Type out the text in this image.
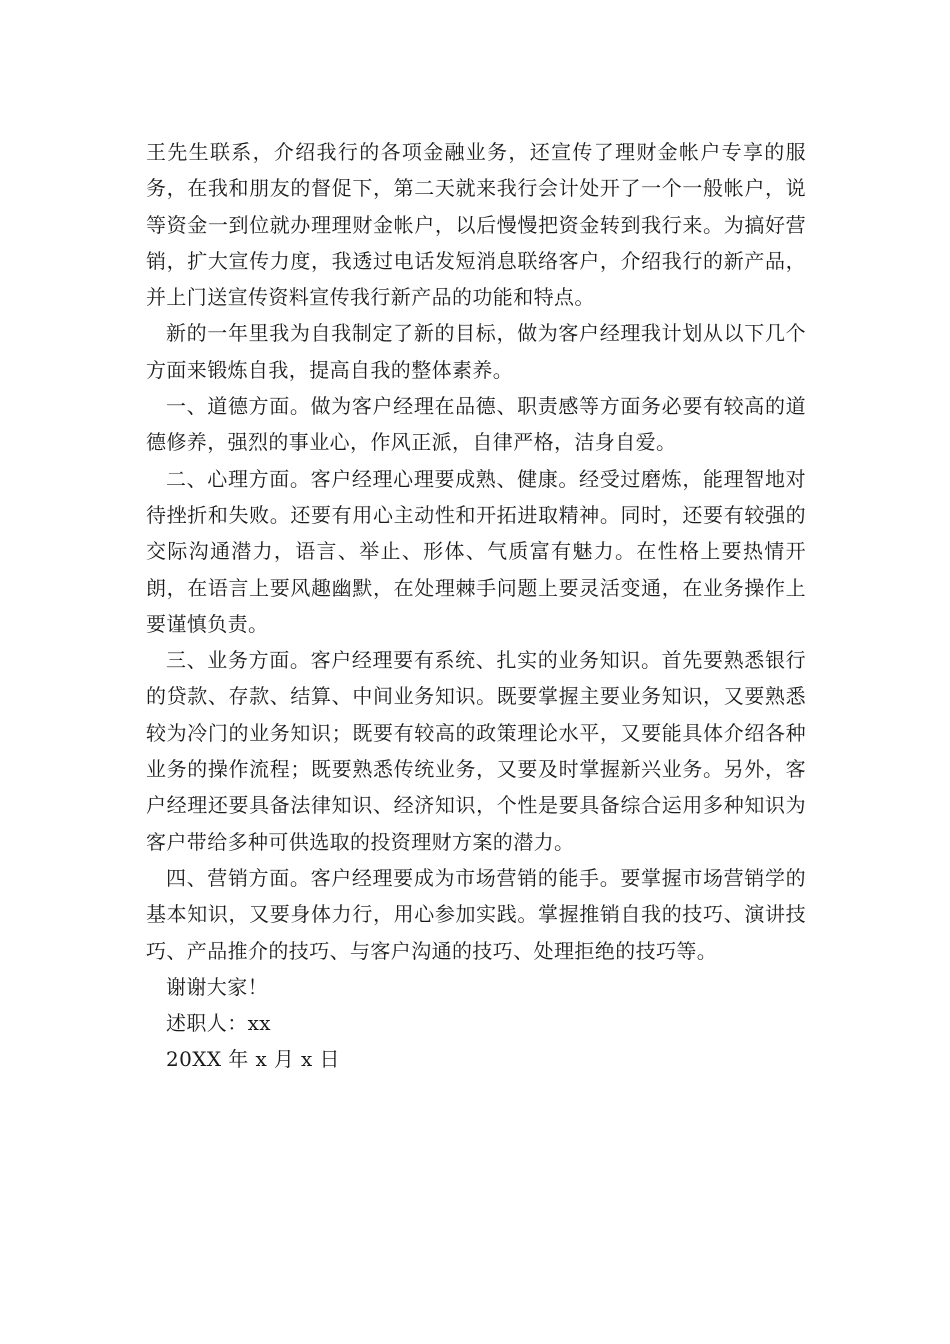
王先生联系，介绍我行的各项金融业务，还宣传了理财金帐户专享的服务，在我和朋友的督促下，第二天就来我行会计处开了一个一般帐户，说等资金一到位就办理理财金帐户，以后慢慢把资金转到我行来。为搞好营销，扩大宣传力度，我透过电话发短消息联络客户，介绍我行的新产品，并上门送宣传资料宣传我行新产品的功能和特点。

新的一年里我为自我制定了新的目标，做为客户经理我计划从以下几个方面来锻炼自我，提高自我的整体素养。

一、道德方面。做为客户经理在品德、职责感等方面务必要有较高的道德修养，强烈的事业心，作风正派，自律严格，洁身自爱。

二、心理方面。客户经理心理要成熟、健康。经受过磨炼，能理智地对待挫折和失败。还要有用心主动性和开拓进取精神。同时，还要有较强的交际沟通潜力，语言、举止、形体、气质富有魅力。在性格上要热情开朗，在语言上要风趣幽默，在处理棘手问题上要灵活变通，在业务操作上要谨慎负责。

三、业务方面。客户经理要有系统、扎实的业务知识。首先要熟悉银行的贷款、存款、结算、中间业务知识。既要掌握主要业务知识，又要熟悉较为冷门的业务知识；既要有较高的政策理论水平，又要能具体介绍各种业务的操作流程；既要熟悉传统业务，又要及时掌握新兴业务。另外，客户经理还要具备法律知识、经济知识，个性是要具备综合运用多种知识为客户带给多种可供选取的投资理财方案的潜力。

四、营销方面。客户经理要成为市场营销的能手。要掌握市场营销学的基本知识，又要身体力行，用心参加实践。掌握推销自我的技巧、演讲技巧、产品推介的技巧、与客户沟通的技巧、处理拒绝的技巧等。

谢谢大家！

述职人：xx

20XX 年 x 月 x 日
